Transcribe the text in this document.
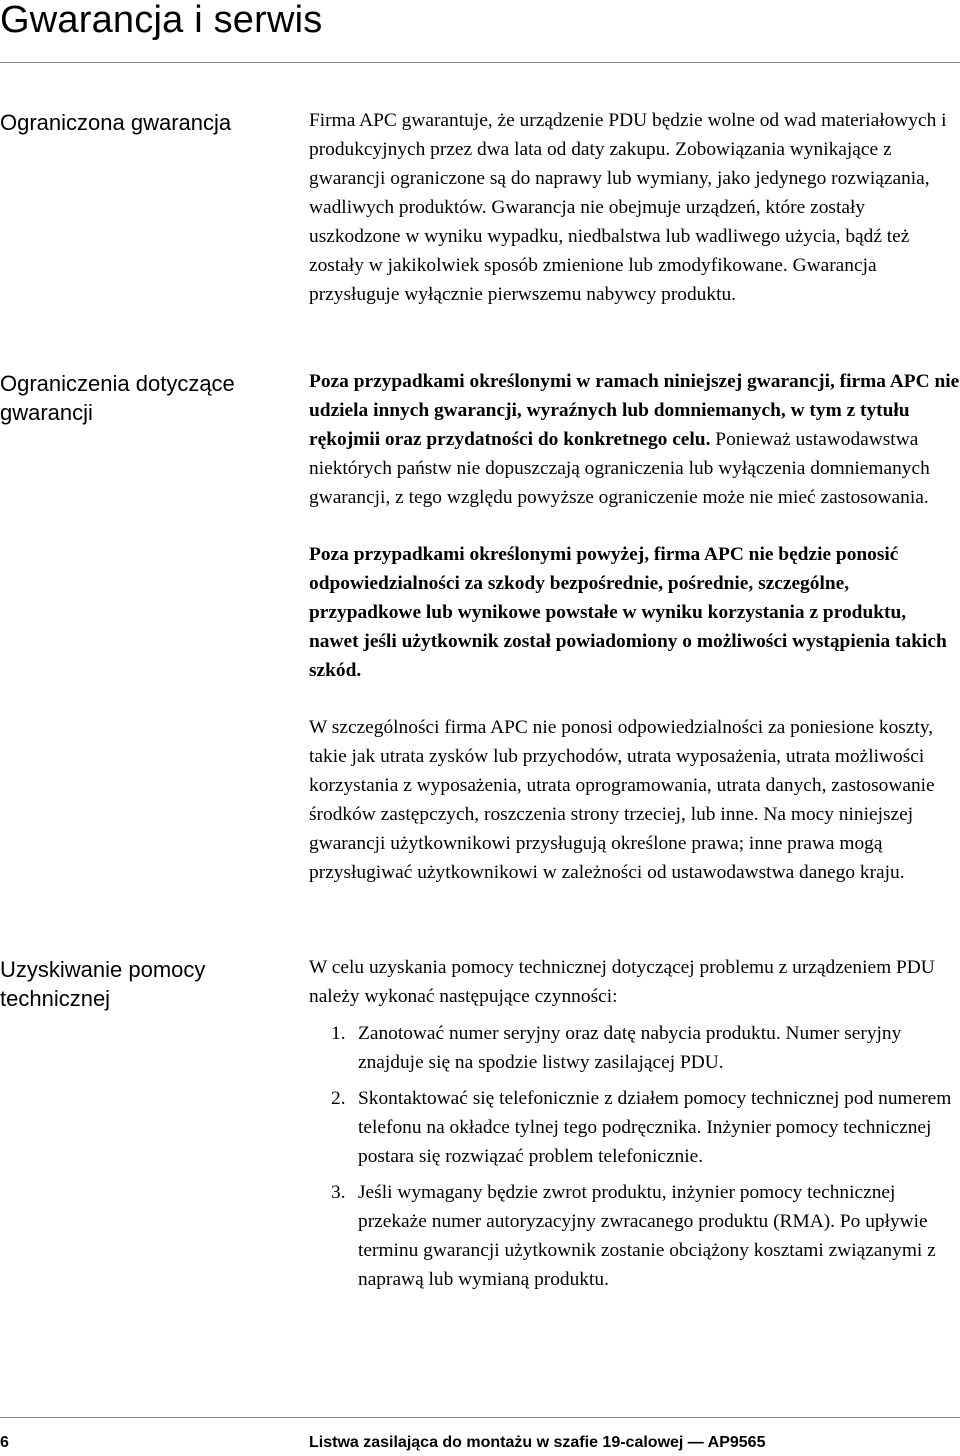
Gwarancja i serwis
Ograniczona gwarancja	Firma APC gwarantuje, że urządzenie PDU będzie wolne od wad materiałowych i produkcyjnych przez dwa lata od daty zakupu. Zobowiązania wynikające z gwarancji ograniczone są do naprawy lub wymiany, jako jedynego rozwiązania, wadliwych produktów. Gwarancja nie obejmuje urządzeń, które zostały uszkodzone w wyniku wypadku, niedbalstwa lub wadliwego użycia, bądź też zostały w jakikolwiek sposób zmienione lub zmodyfikowane. Gwarancja przysługuje wyłącznie pierwszemu nabywcy produktu.

Ograniczenia dotyczące gwarancji

Poza przypadkami określonymi w ramach niniejszej gwarancji, firma APC nie udziela innych gwarancji, wyraźnych lub domniemanych, w tym z tytułu rękojmii oraz przydatności do konkretnego celu. Ponieważ ustawodawstwa niektórych państw nie dopuszczają ograniczenia lub wyłączenia domniemanych gwarancji, z tego względu powyższe ograniczenie może nie mieć zastosowania.

Poza przypadkami określonymi powyżej, firma APC nie będzie ponosić odpowiedzialności za szkody bezpośrednie, pośrednie, szczególne, przypadkowe lub wynikowe powstałe w wyniku korzystania z produktu, nawet jeśli użytkownik został powiadomiony o możliwości wystąpienia takich szkód.

W szczególności firma APC nie ponosi odpowiedzialności za poniesione koszty, takie jak utrata zysków lub przychodów, utrata wyposażenia, utrata możliwości korzystania z wyposażenia, utrata oprogramowania, utrata danych, zastosowanie środków zastępczych, roszczenia strony trzeciej, lub inne. Na mocy niniejszej gwarancji użytkownikowi przysługują określone prawa; inne prawa mogą przysługiwać użytkownikowi w zależności od ustawodawstwa danego kraju.

Uzyskiwanie pomocy technicznej

W celu uzyskania pomocy technicznej dotyczącej problemu z urządzeniem PDU należy wykonać następujące czynności:

1. Zanotować numer seryjny oraz datę nabycia produktu. Numer seryjny znajduje się na spodzie listwy zasilającej PDU.
2. Skontaktować się telefonicznie z działem pomocy technicznej pod numerem telefonu na okładce tylnej tego podręcznika. Inżynier pomocy technicznej postara się rozwiązać problem telefonicznie.
3. Jeśli wymagany będzie zwrot produktu, inżynier pomocy technicznej przekaże numer autoryzacyjny zwracanego produktu (RMA). Po upływie terminu gwarancji użytkownik zostanie obciążony kosztami związanymi z naprawą lub wymianą produktu.

6	Listwa zasilająca do montażu w szafie 19-calowej — AP9565
